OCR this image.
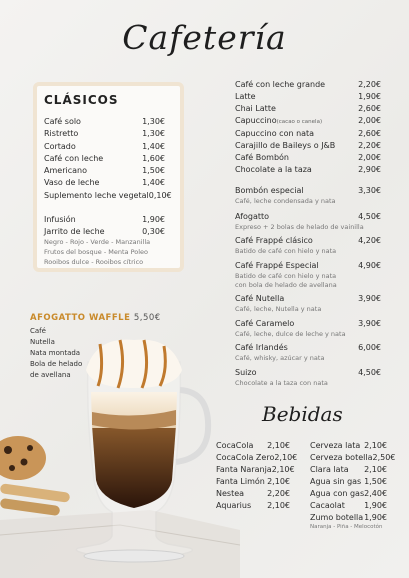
Cafetería
CLÁSICOS
Café solo	1,30€
Ristretto	1,30€
Cortado	1,40€
Café con leche	1,60€
Americano	1,50€
Vaso de leche	1,40€
Suplemento leche vegetal 0,10€
Infusión	1,90€
Jarrito de leche	0,30€
Negro - Rojo - Verde - Manzanilla
Frutos del bosque - Menta Poleo
Rooibos dulce - Rooibos cítrico
Café con leche grande	2,20€
Latte	1,90€
Chai Latte	2,60€
Capuccino(cacao o canela)	2,00€
Capuccino con nata	2,60€
Carajillo de Baileys o J&B	2,20€
Café Bombón	2,00€
Chocolate a la taza	2,90€
Bombón especial	3,30€
Café, leche condensada y nata
Afogatto	4,50€
Expreso + 2 bolas de helado de vainilla
Café Frappé clásico	4,20€
Batido de café con hielo y nata
Café Frappé Especial	4,90€
Batido de café con hielo y nata
con bola de helado de avellana
Café Nutella	3,90€
Café, leche, Nutella y nata
Café Caramelo	3,90€
Café, leche, dulce de leche y nata
Café Irlandés	6,00€
Café, whisky, azúcar y nata
Suizo	4,50€
Chocolate a la taza con nata
AFOGATTO WAFFLE 5,50€
Café
Nutella
Nata montada
Bola de helado
de avellana
Bebidas
CocaCola 2,10€
CocaCola Zero 2,10€
Fanta Naranja 2,10€
Fanta Limón 2,10€
Nestea	2,20€
Aquarius 2,10€
Cerveza lata 2,10€
Cerveza botella 2,50€
Clara lata 2,10€
Agua sin gas 1,50€
Agua con gas 2,40€
Cacaolat 1,90€
Zumo botella 1,90€
Naranja - Piña - Melocotón
